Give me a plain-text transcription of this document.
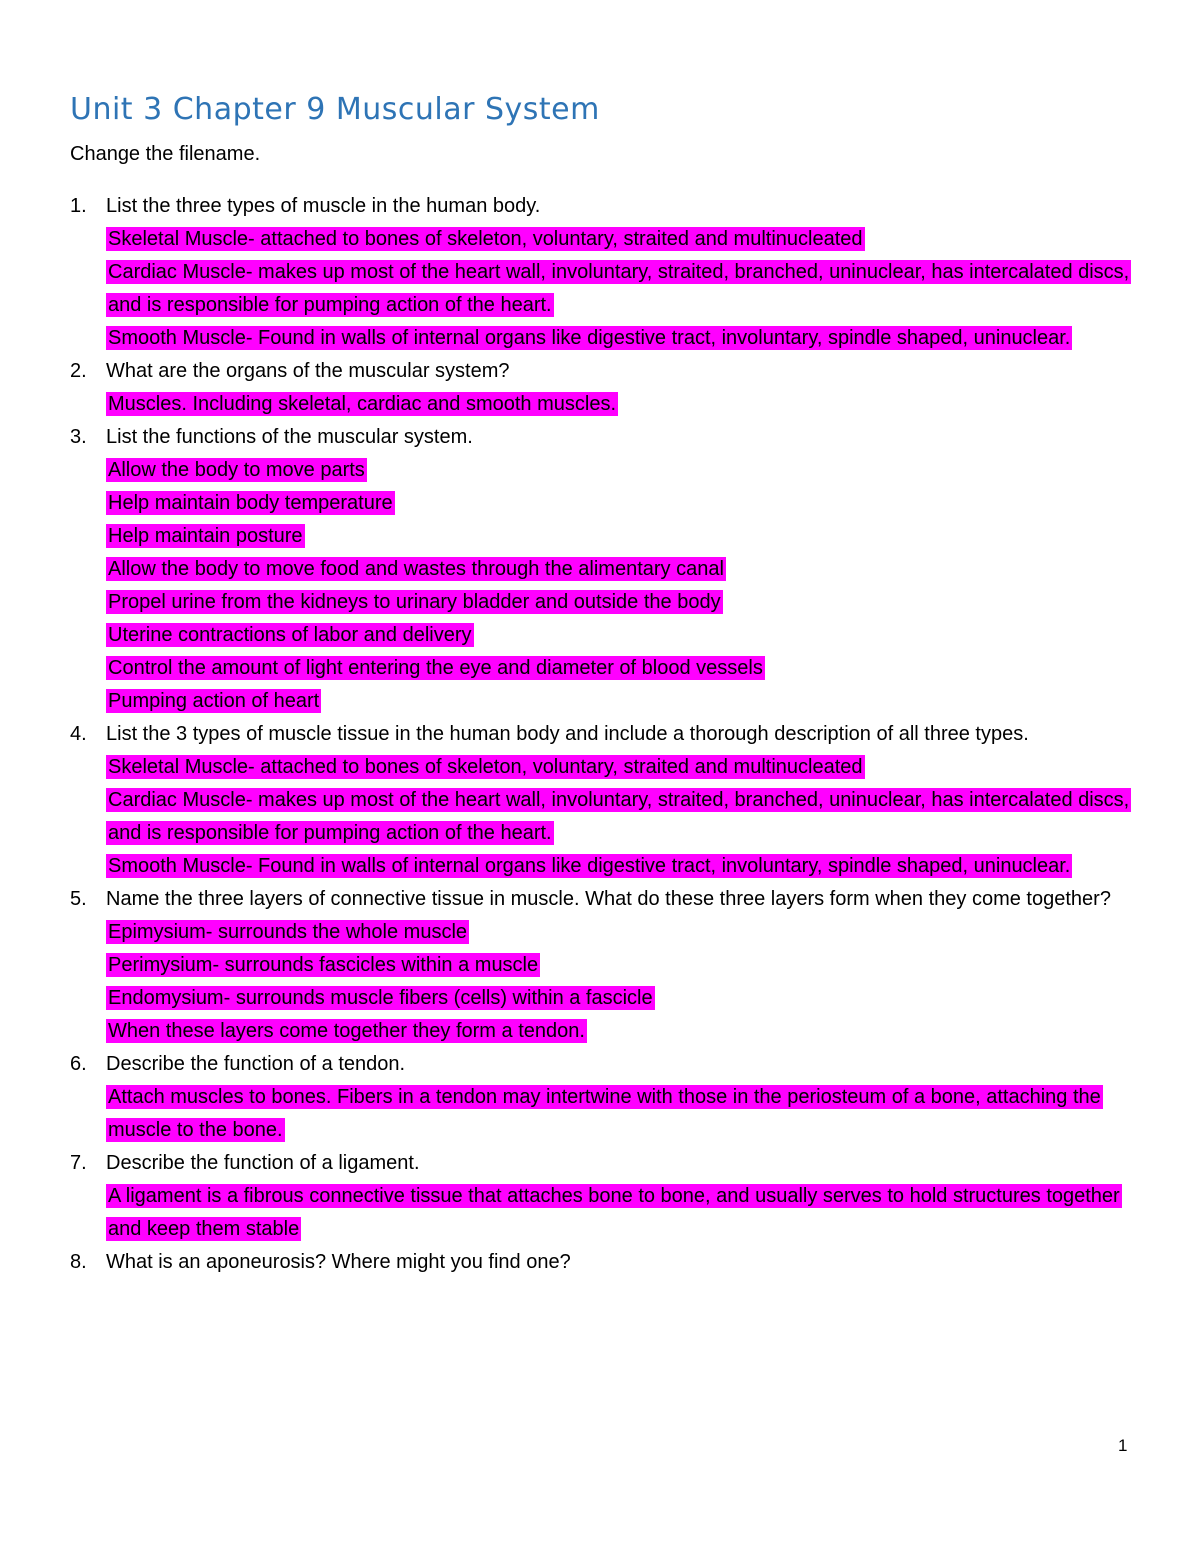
Unit 3 Chapter 9 Muscular System
Change the filename.
1. List the three types of muscle in the human body.
Skeletal Muscle- attached to bones of skeleton, voluntary, straited and multinucleated
Cardiac Muscle- makes up most of the heart wall, involuntary, straited, branched, uninuclear, has intercalated discs, and is responsible for pumping action of the heart.
Smooth Muscle- Found in walls of internal organs like digestive tract, involuntary, spindle shaped, uninuclear.
2. What are the organs of the muscular system?
Muscles. Including skeletal, cardiac and smooth muscles.
3. List the functions of the muscular system.
Allow the body to move parts
Help maintain body temperature
Help maintain posture
Allow the body to move food and wastes through the alimentary canal
Propel urine from the kidneys to urinary bladder and outside the body
Uterine contractions of labor and delivery
Control the amount of light entering the eye and diameter of blood vessels
Pumping action of heart
4. List the 3 types of muscle tissue in the human body and include a thorough description of all three types.
Skeletal Muscle- attached to bones of skeleton, voluntary, straited and multinucleated
Cardiac Muscle- makes up most of the heart wall, involuntary, straited, branched, uninuclear, has intercalated discs, and is responsible for pumping action of the heart.
Smooth Muscle- Found in walls of internal organs like digestive tract, involuntary, spindle shaped, uninuclear.
5. Name the three layers of connective tissue in muscle. What do these three layers form when they come together?
Epimysium- surrounds the whole muscle
Perimysium- surrounds fascicles within a muscle
Endomysium- surrounds muscle fibers (cells) within a fascicle
When these layers come together they form a tendon.
6. Describe the function of a tendon.
Attach muscles to bones. Fibers in a tendon may intertwine with those in the periosteum of a bone, attaching the muscle to the bone.
7. Describe the function of a ligament.
A ligament is a fibrous connective tissue that attaches bone to bone, and usually serves to hold structures together and keep them stable
8. What is an aponeurosis? Where might you find one?
1
